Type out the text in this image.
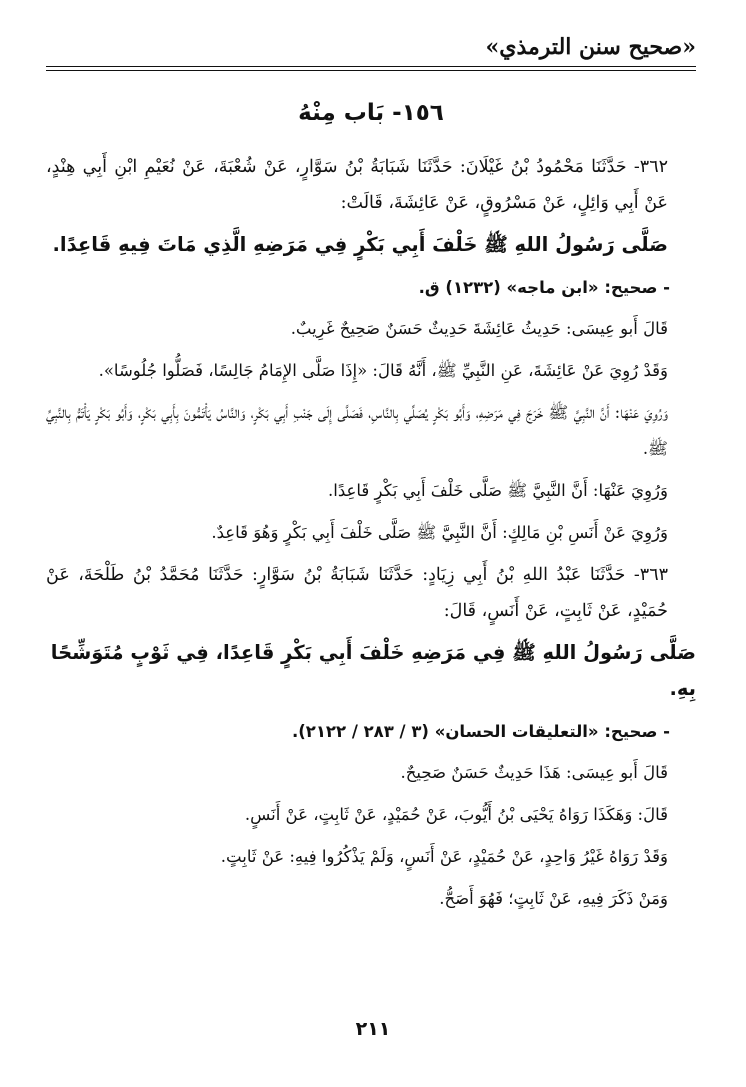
«صحيح سنن الترمذي»
١٥٦- بَاب مِنْهُ

٣٦٢- حَدَّثَنَا مَحْمُودُ بْنُ غَيْلَانَ: حَدَّثَنَا شَبَابَةُ بْنُ سَوَّارٍ، عَنْ شُعْبَةَ، عَنْ نُعَيْمِ ابْنِ أَبِي هِنْدٍ، عَنْ أَبِي وَائِلٍ، عَنْ مَسْرُوقٍ، عَنْ عَائِشَةَ، قَالَتْ:

صَلَّى رَسُولُ اللهِ ﷺ خَلْفَ أَبِي بَكْرٍ فِي مَرَضِهِ الَّذِي مَاتَ فِيهِ قَاعِدًا.

- صحيح: «ابن ماجه» (١٢٣٢) ق.

قَالَ أَبو عِيسَى: حَدِيثُ عَائِشَةَ حَدِيثٌ حَسَنٌ صَحِيحٌ غَرِيبٌ.

وَقَدْ رُوِيَ عَنْ عَائِشَةَ، عَنِ النَّبِيِّ ﷺ، أَنَّهُ قَالَ: «إِذَا صَلَّى الإِمَامُ جَالِسًا، فَصَلُّوا جُلُوسًا».

وَرُوِيَ عَنْهَا: أَنَّ النَّبِيَّ ﷺ خَرَجَ فِي مَرَضِهِ، وَأَبُو بَكْرٍ يُصَلِّي بِالنَّاسِ، فَصَلَّى إِلَى جَنْبِ أَبِي بَكْرٍ، وَالنَّاسُ يَأْتَمُّونَ بِأَبِي بَكْرٍ، وَأَبُو بَكْرٍ يَأْتَمُّ بِالنَّبِيِّ ﷺ.

وَرُوِيَ عَنْهَا: أَنَّ النَّبِيَّ ﷺ صَلَّى خَلْفَ أَبِي بَكْرٍ قَاعِدًا.

وَرُوِيَ عَنْ أَنَسِ بْنِ مَالِكٍ: أَنَّ النَّبِيَّ ﷺ صَلَّى خَلْفَ أَبِي بَكْرٍ وَهُوَ قَاعِدٌ.

٣٦٣- حَدَّثَنَا عَبْدُ اللهِ بْنُ أَبِي زِيَادٍ: حَدَّثَنَا شَبَابَةُ بْنُ سَوَّارٍ: حَدَّثَنَا مُحَمَّدُ بْنُ طَلْحَةَ، عَنْ حُمَيْدٍ، عَنْ ثَابِتٍ، عَنْ أَنَسٍ، قَالَ:

صَلَّى رَسُولُ اللهِ ﷺ فِي مَرَضِهِ خَلْفَ أَبِي بَكْرٍ قَاعِدًا، فِي ثَوْبٍ مُتَوَشِّحًا بِهِ.

- صحيح: «التعليقات الحسان» (٣ / ٢٨٣ / ٢١٢٢).

قَالَ أَبو عِيسَى: هَذَا حَدِيثٌ حَسَنٌ صَحِيحٌ.

قَالَ: وَهَكَذَا رَوَاهُ يَحْيَى بْنُ أَيُّوبَ، عَنْ حُمَيْدٍ، عَنْ ثَابِتٍ، عَنْ أَنَسٍ.

وَقَدْ رَوَاهُ غَيْرُ وَاحِدٍ، عَنْ حُمَيْدٍ، عَنْ أَنَسٍ، وَلَمْ يَذْكُرُوا فِيهِ: عَنْ ثَابِتٍ.

وَمَنْ ذَكَرَ فِيهِ، عَنْ ثَابِتٍ؛ فَهُوَ أَصَحُّ.

٢١١
